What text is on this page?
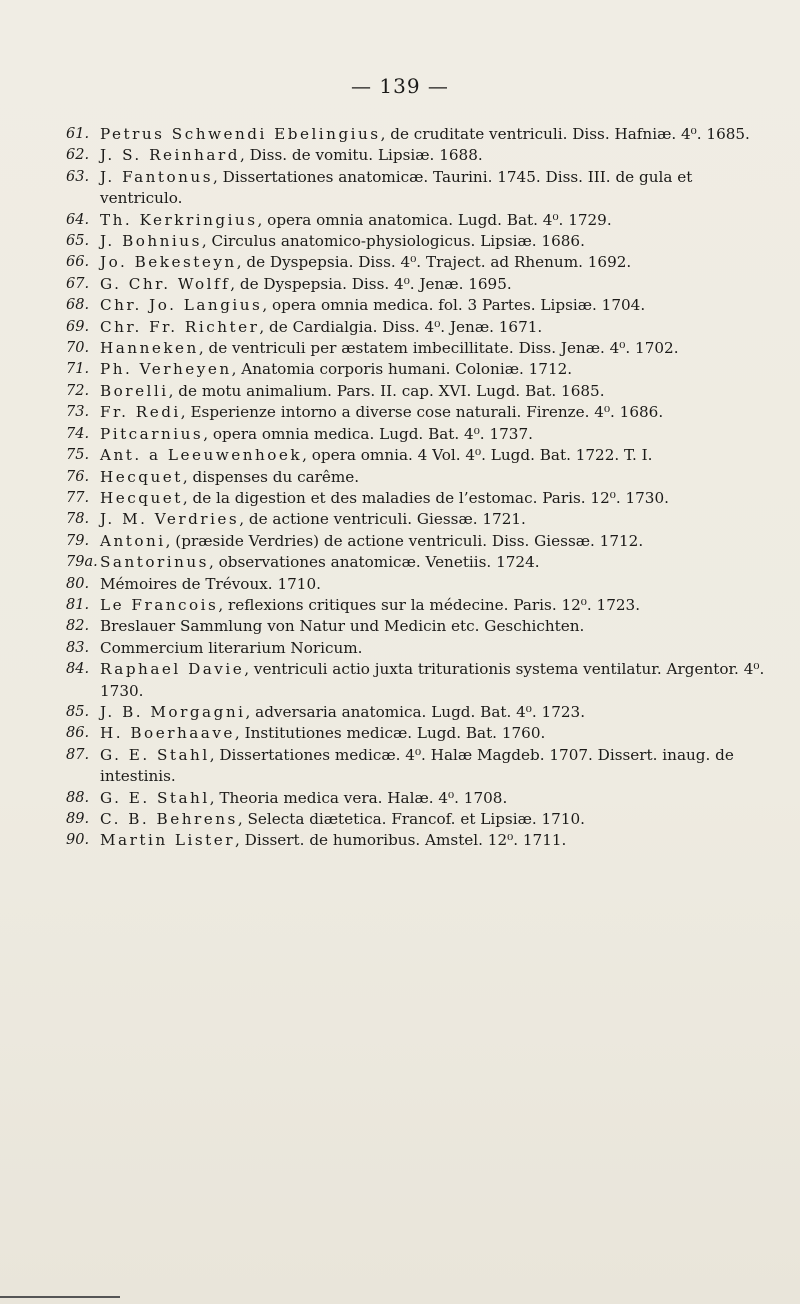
— 139 —
61. Petrus Schwendi Ebelingius, de cruditate ventriculi. Diss. Hafniæ. 4⁰. 1685.
62. J. S. Reinhard, Diss. de vomitu. Lipsiæ. 1688.
63. J. Fantonus, Dissertationes anatomicæ. Taurini. 1745. Diss. III. de gula et ventriculo.
64. Th. Kerkringius, opera omnia anatomica. Lugd. Bat. 4⁰. 1729.
65. J. Bohnius, Circulus anatomico-physiologicus. Lipsiæ. 1686.
66. Jo. Bekesteyn, de Dyspepsia. Diss. 4⁰. Traject. ad Rhenum. 1692.
67. G. Chr. Wolff, de Dyspepsia. Diss. 4⁰. Jenæ. 1695.
68. Chr. Jo. Langius, opera omnia medica. fol. 3 Partes. Lipsiæ. 1704.
69. Chr. Fr. Richter, de Cardialgia. Diss. 4⁰. Jenæ. 1671.
70. Hanneken, de ventriculi per æstatem imbecillitate. Diss. Jenæ. 4⁰. 1702.
71. Ph. Verheyen, Anatomia corporis humani. Coloniæ. 1712.
72. Borelli, de motu animalium. Pars. II. cap. XVI. Lugd. Bat. 1685.
73. Fr. Redi, Esperienze intorno a diverse cose naturali. Firenze. 4⁰. 1686.
74. Pitcarnius, opera omnia medica. Lugd. Bat. 4⁰. 1737.
75. Ant. a Leeuwenhoek, opera omnia. 4 Vol. 4⁰. Lugd. Bat. 1722. T. I.
76. Hecquet, dispenses du carême.
77. Hecquet, de la digestion et des maladies de l’estomac. Paris. 12⁰. 1730.
78. J. M. Verdries, de actione ventriculi. Giessæ. 1721.
79. Antoni, (præside Verdries) de actione ventriculi. Diss. Giessæ. 1712.
79a. Santorinus, observationes anatomicæ. Venetiis. 1724.
80. Mémoires de Trévoux. 1710.
81. Le Francois, reflexions critiques sur la médecine. Paris. 12⁰. 1723.
82. Breslauer Sammlung von Natur und Medicin etc. Geschichten.
83. Commercium literarium Noricum.
84. Raphael Davie, ventriculi actio juxta triturationis systema ventilatur. Argentor. 4⁰. 1730.
85. J. B. Morgagni, adversaria anatomica. Lugd. Bat. 4⁰. 1723.
86. H. Boerhaave, Institutiones medicæ. Lugd. Bat. 1760.
87. G. E. Stahl, Dissertationes medicæ. 4⁰. Halæ Magdeb. 1707. Dissert. inaug. de intestinis.
88. G. E. Stahl, Theoria medica vera. Halæ. 4⁰. 1708.
89. C. B. Behrens, Selecta diætetica. Francof. et Lipsiæ. 1710.
90. Martin Lister, Dissert. de humoribus. Amstel. 12⁰. 1711.
